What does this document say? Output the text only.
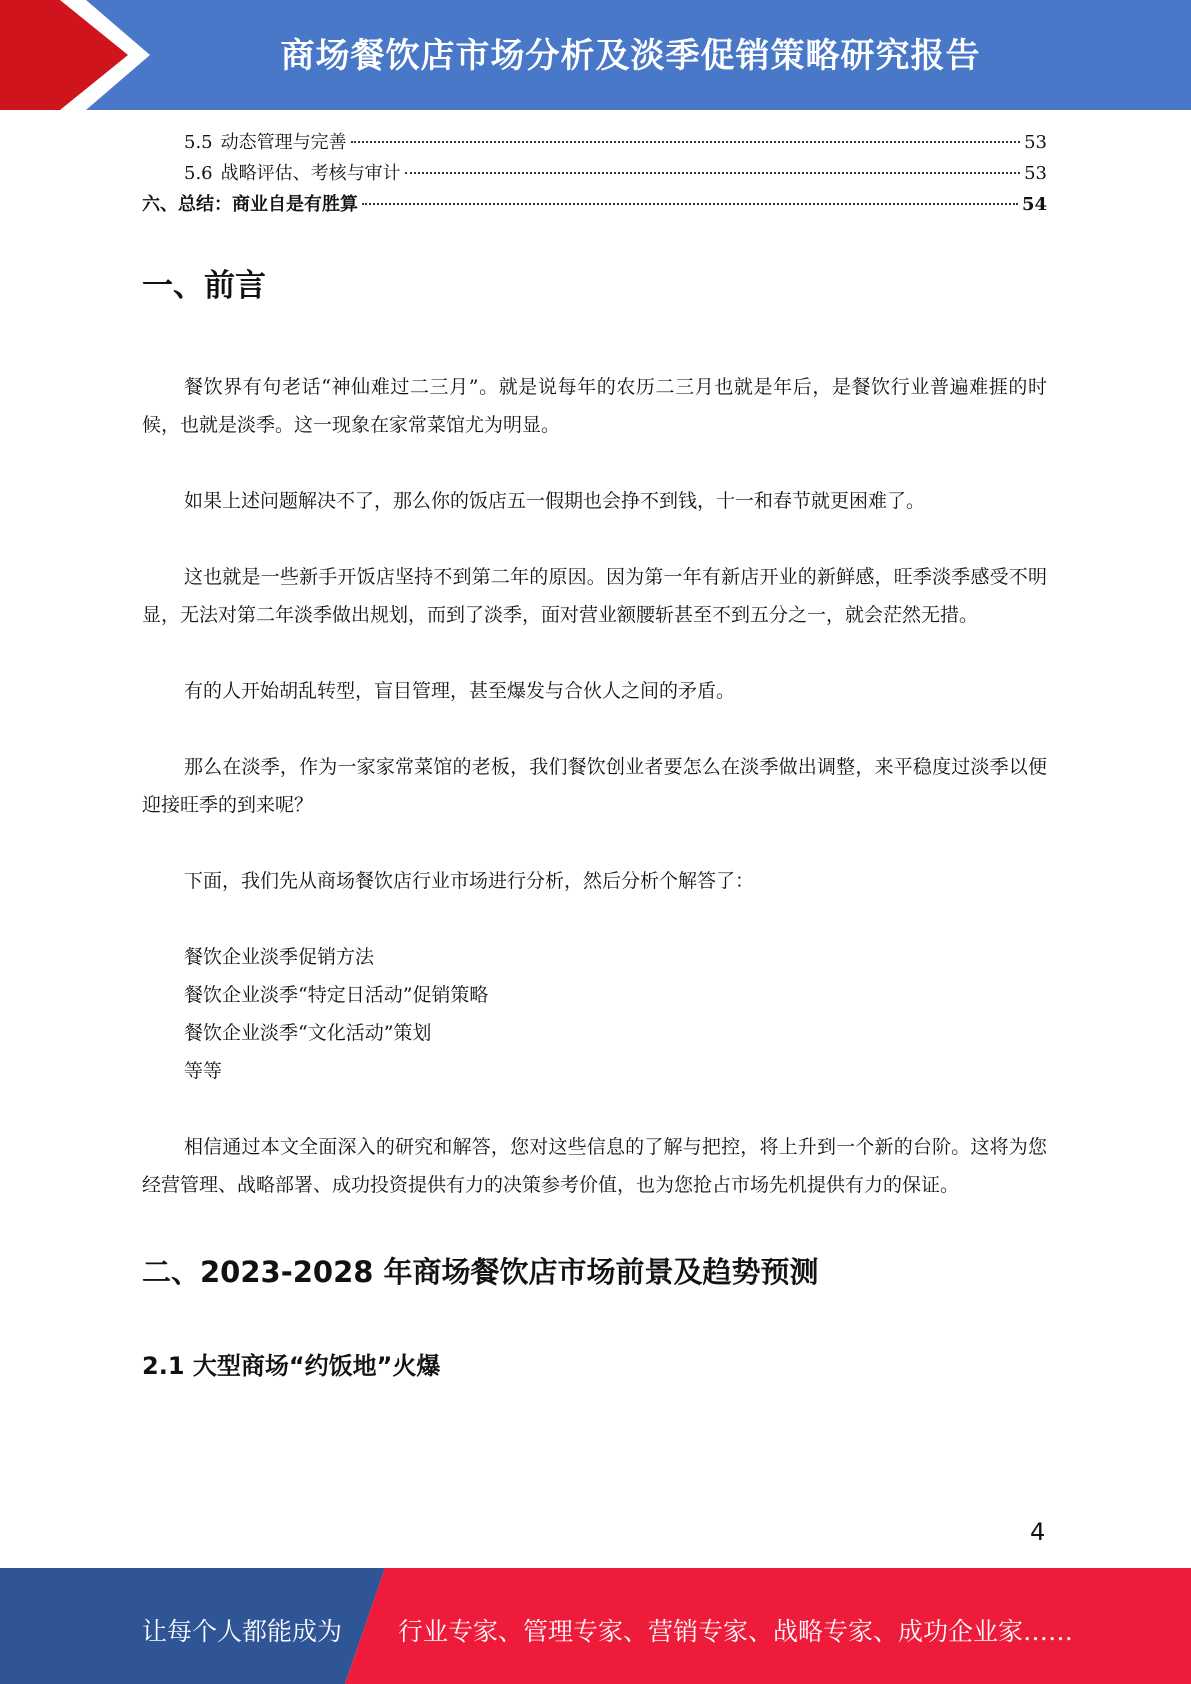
商场餐饮店市场分析及淡季促销策略研究报告
5.5 动态管理与完善	53
5.6 战略评估、考核与审计	53
六、总结：商业自是有胜算	54
一、前言

餐饮界有句老话“神仙难过二三月”。就是说每年的农历二三月也就是年后，是餐饮行业普遍难捱的时候，也就是淡季。这一现象在家常菜馆尤为明显。

如果上述问题解决不了，那么你的饭店五一假期也会挣不到钱，十一和春节就更困难了。

这也就是一些新手开饭店坚持不到第二年的原因。因为第一年有新店开业的新鲜感，旺季淡季感受不明显，无法对第二年淡季做出规划，而到了淡季，面对营业额腰斩甚至不到五分之一，就会茫然无措。

有的人开始胡乱转型，盲目管理，甚至爆发与合伙人之间的矛盾。

那么在淡季，作为一家家常菜馆的老板，我们餐饮创业者要怎么在淡季做出调整，来平稳度过淡季以便迎接旺季的到来呢？

下面，我们先从商场餐饮店行业市场进行分析，然后分析个解答了：

餐饮企业淡季促销方法
餐饮企业淡季“特定日活动”促销策略
餐饮企业淡季“文化活动”策划
等等

相信通过本文全面深入的研究和解答，您对这些信息的了解与把控，将上升到一个新的台阶。这将为您经营管理、战略部署、成功投资提供有力的决策参考价值，也为您抢占市场先机提供有力的保证。

二、2023-2028 年商场餐饮店市场前景及趋势预测
2.1 大型商场“约饭地”火爆
4
让每个人都能成为 行业专家、管理专家、营销专家、战略专家、成功企业家……
